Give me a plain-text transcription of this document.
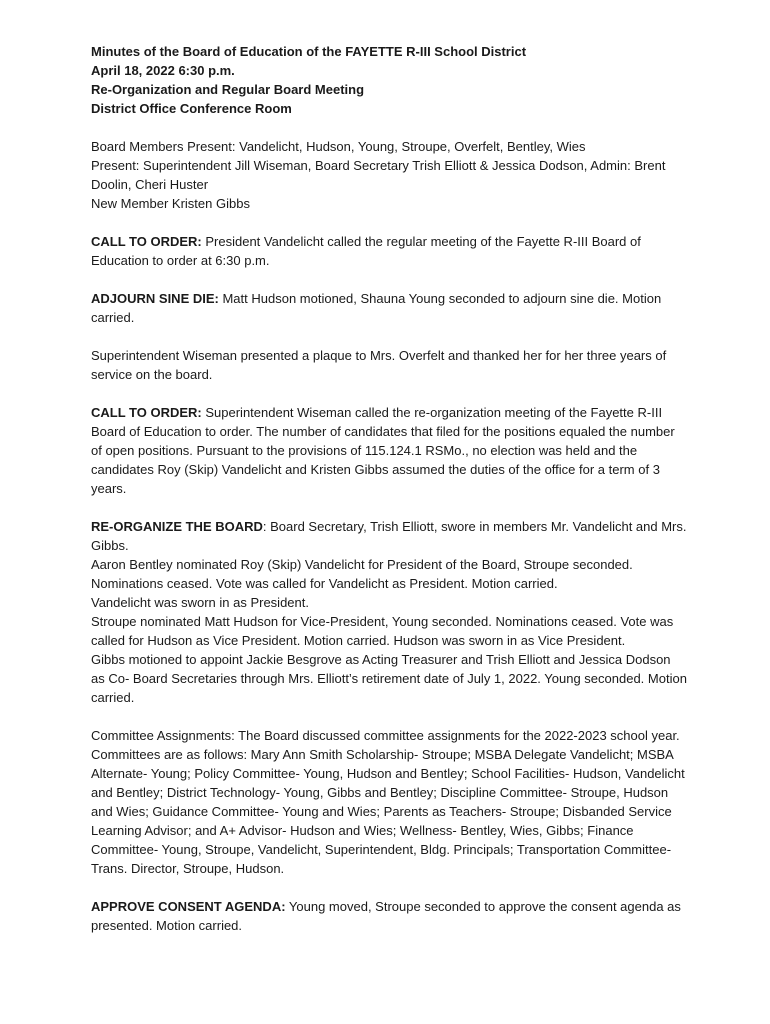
Minutes of the Board of Education of the FAYETTE R-III School District

April 18, 2022 6:30 p.m.

Re-Organization and Regular Board Meeting

District Office Conference Room

Board Members Present: Vandelicht, Hudson, Young, Stroupe, Overfelt, Bentley, Wies

Present: Superintendent Jill Wiseman, Board Secretary Trish Elliott & Jessica Dodson, Admin: Brent Doolin, Cheri Huster

New Member Kristen Gibbs

CALL TO ORDER: President Vandelicht called the regular meeting of the Fayette R-III Board of Education to order at 6:30 p.m.

ADJOURN SINE DIE: Matt Hudson motioned, Shauna Young seconded to adjourn sine die. Motion carried.

Superintendent Wiseman presented a plaque to Mrs. Overfelt and thanked her for her three years of service on the board.

CALL TO ORDER: Superintendent Wiseman called the re-organization meeting of the Fayette R-III Board of Education to order. The number of candidates that filed for the positions equaled the number of open positions. Pursuant to the provisions of 115.124.1 RSMo., no election was held and the candidates Roy (Skip) Vandelicht and Kristen Gibbs assumed the duties of the office for a term of 3 years.

RE-ORGANIZE THE BOARD: Board Secretary, Trish Elliott, swore in members Mr. Vandelicht and Mrs. Gibbs.

Aaron Bentley nominated Roy (Skip) Vandelicht for President of the Board, Stroupe seconded. Nominations ceased. Vote was called for Vandelicht as President. Motion carried.

Vandelicht was sworn in as President.

Stroupe nominated Matt Hudson for Vice-President, Young seconded. Nominations ceased. Vote was called for Hudson as Vice President. Motion carried. Hudson was sworn in as Vice President.

Gibbs motioned to appoint Jackie Besgrove as Acting Treasurer and Trish Elliott and Jessica Dodson as Co- Board Secretaries through Mrs. Elliott’s retirement date of July 1, 2022. Young seconded. Motion carried.

Committee Assignments: The Board discussed committee assignments for the 2022-2023 school year. Committees are as follows: Mary Ann Smith Scholarship- Stroupe; MSBA Delegate Vandelicht; MSBA Alternate- Young; Policy Committee- Young, Hudson and Bentley; School Facilities- Hudson, Vandelicht and Bentley; District Technology- Young, Gibbs and Bentley; Discipline Committee- Stroupe, Hudson and Wies; Guidance Committee- Young and Wies; Parents as Teachers- Stroupe; Disbanded Service Learning Advisor; and A+ Advisor- Hudson and Wies; Wellness- Bentley, Wies, Gibbs; Finance Committee- Young, Stroupe, Vandelicht, Superintendent, Bldg. Principals; Transportation Committee- Trans. Director, Stroupe, Hudson.

APPROVE CONSENT AGENDA: Young moved, Stroupe seconded to approve the consent agenda as presented. Motion carried.
